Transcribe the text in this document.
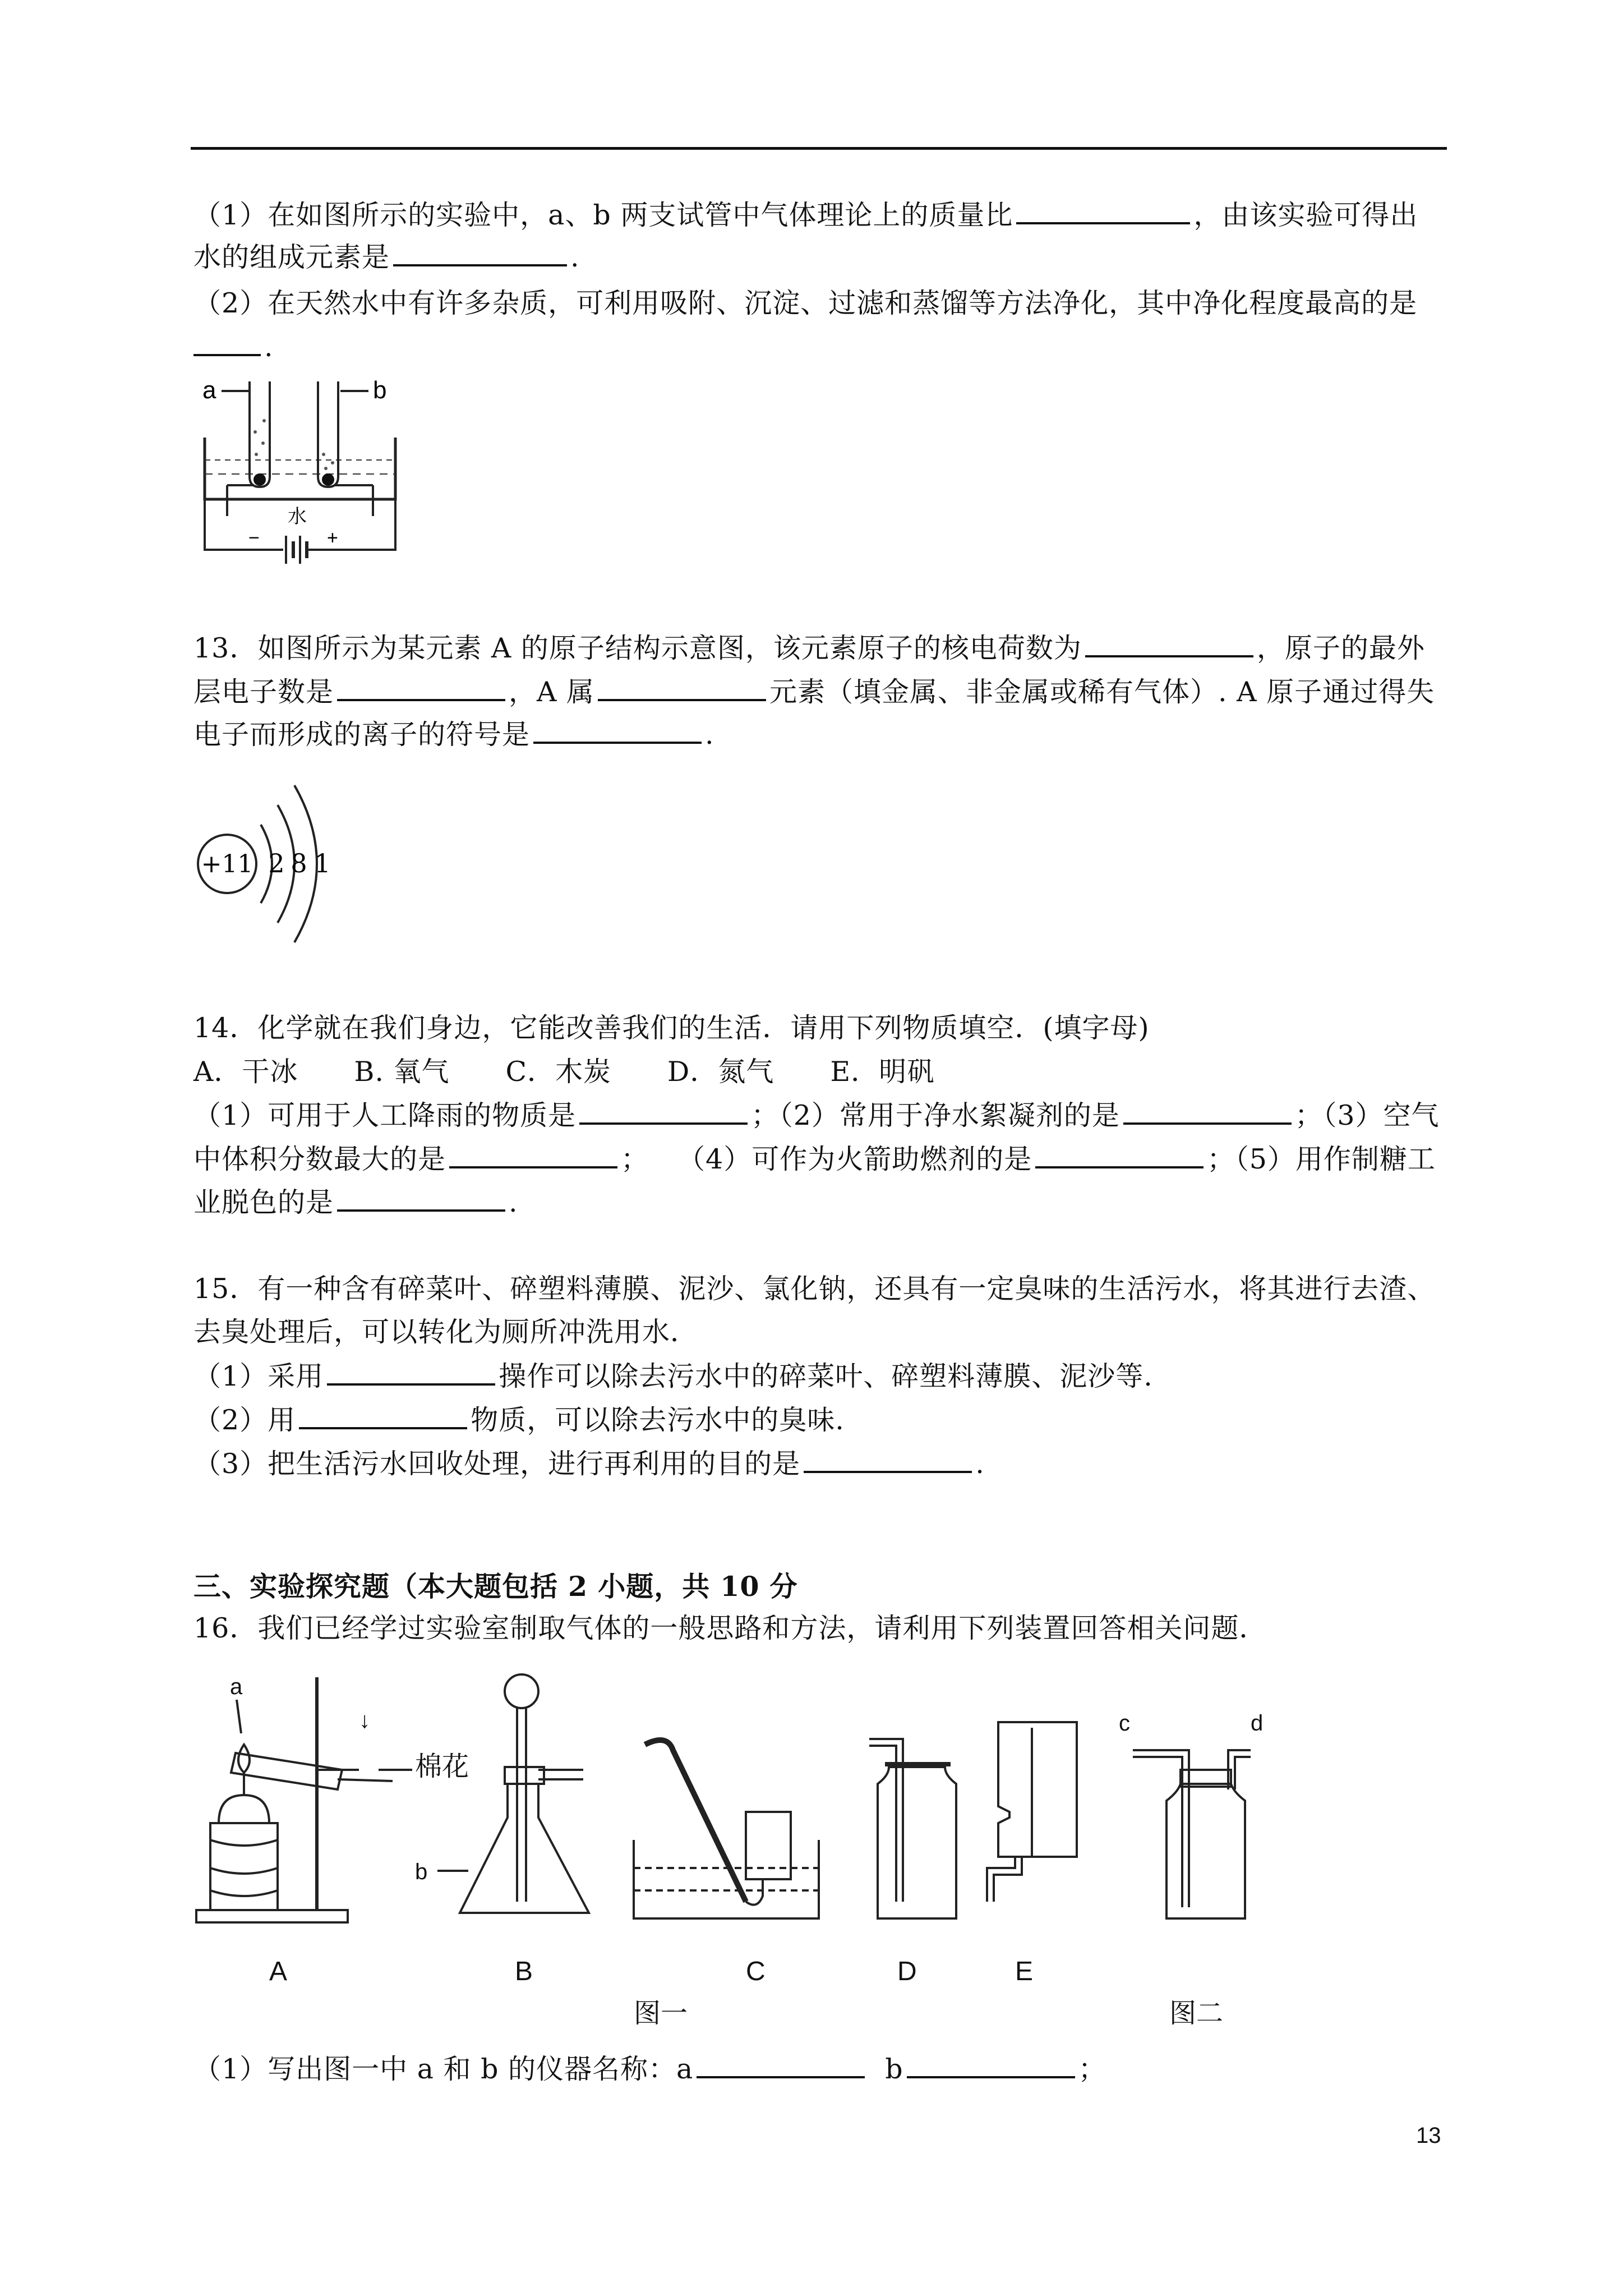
（1）在如图所示的实验中，a、b 两支试管中气体理论上的质量比	，由该实验可得出
水的组成元素是	.
（2）在天然水中有许多杂质，可利用吸附、沉淀、过滤和蒸馏等方法净化，其中净化程度最高的是
.
a	b
水
−	+
13．如图所示为某元素 A 的原子结构示意图，该元素原子的核电荷数为	，原子的最外
层电子数是	，A 属	元素（填金属、非金属或稀有气体）. A 原子通过得失
电子而形成的离子的符号是	.
+11 2 8 1
14．化学就在我们身边，它能改善我们的生活．请用下列物质填空．(填字母)
A．干冰　　B. 氧气　　C．木炭　　D．氮气　　E．明矾
（1）可用于人工降雨的物质是	；（2）常用于净水絮凝剂的是	；（3）空气
中体积分数最大的是	；　　（4）可作为火箭助燃剂的是	；（5）用作制糖工
业脱色的是	.
15．有一种含有碎菜叶、碎塑料薄膜、泥沙、氯化钠，还具有一定臭味的生活污水，将其进行去渣、
去臭处理后，可以转化为厕所冲洗用水．
（1）采用	操作可以除去污水中的碎菜叶、碎塑料薄膜、泥沙等.
（2）用	物质，可以除去污水中的臭味.
（3）把生活污水回收处理，进行再利用的目的是	.
三、实验探究题（本大题包括 2 小题，共 10 分
16．我们已经学过实验室制取气体的一般思路和方法，请利用下列装置回答相关问题．
a
↓
棉花
A
b
B	C	D	E
c	d
图一	图二
（1）写出图一中 a 和 b 的仪器名称：a	b	；
13
